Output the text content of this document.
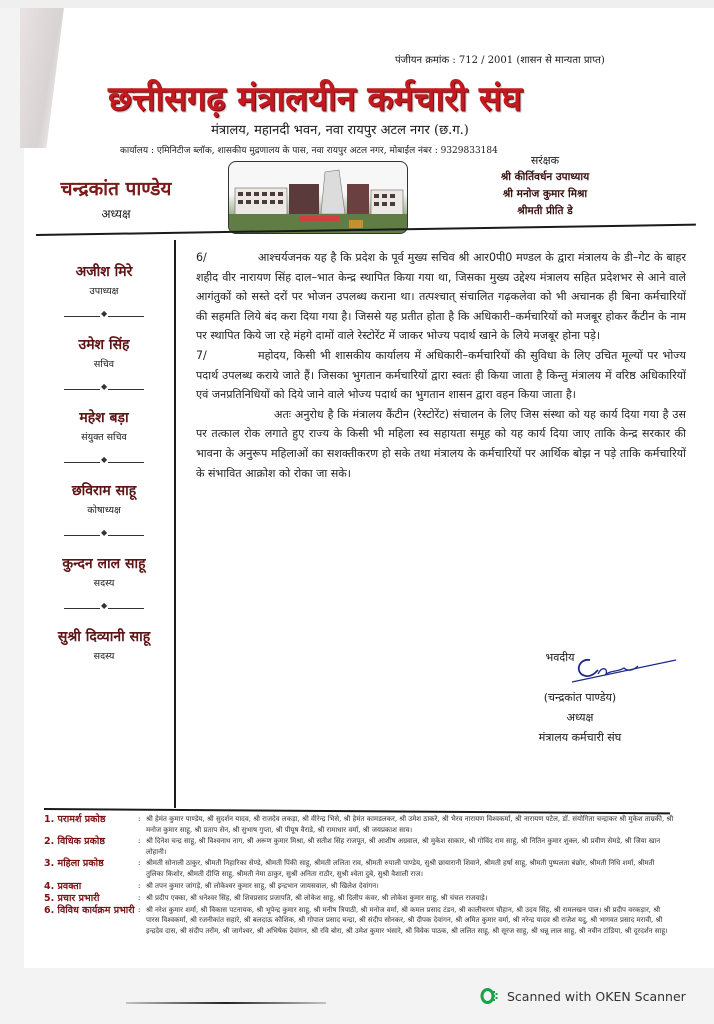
पंजीयन क्रमांक : 712 / 2001 (शासन से मान्यता प्राप्त)
छत्तीसगढ़ मंत्रालयीन कर्मचारी संघ
मंत्रालय, महानदी भवन, नवा रायपुर अटल नगर (छ.ग.)
कार्यालय : एमिनिटीज ब्लॉक, शासकीय मुद्रणालय के पास, नवा रायपुर अटल नगर, मोबाईल नंबर : 9329833184
चन्द्रकांत पाण्डेय
अध्यक्ष
सरंक्षक
श्री कीर्तिवर्धन उपाध्याय
श्री मनोज कुमार मिश्रा
श्रीमती प्रीति डे
अजीश मिरे
उपाध्यक्ष
◆
उमेश सिंह
सचिव
◆
महेश बड़ा
संयुक्त सचिव
◆
छविराम साहू
कोषाध्यक्ष
◆
कुन्दन लाल साहू
सदस्य
◆
सुश्री दिव्यानी साहू
सदस्य

6/	आश्चर्यजनक यह है कि प्रदेश के पूर्व मुख्य सचिव श्री आर0पी0 मण्डल के द्वारा मंत्रालय के डी–गेट के बाहर शहीद वीर नारायण सिंह दाल–भात केन्द्र स्थापित किया गया था, जिसका मुख्य उद्देश्य मंत्रालय सहित प्रदेशभर से आने वाले आगंतुकों को सस्ते दरों पर भोजन उपलब्ध कराना था। तत्पश्चात् संचालित गढ़कलेवा को भी अचानक ही बिना कर्मचारियों की सहमति लिये बंद करा दिया गया है। जिससे यह प्रतीत होता है कि अधिकारी–कर्मचारियों को मजबूर होकर कैंटीन के नाम पर स्थापित किये जा रहे मंहगे दामों वाले रेस्टोरेंट में जाकर भोज्य पदार्थ खाने के लिये मजबूर होना पड़े।

7/	महोदय, किसी भी शासकीय कार्यालय में अधिकारी–कर्मचारियों की सुविधा के लिए उचित मूल्यों पर भोज्य पदार्थ उपलब्ध कराये जाते हैं। जिसका भुगतान कर्मचारियों द्वारा स्वतः ही किया जाता है किन्तु मंत्रालय में वरिष्ठ अधिकारियों एवं जनप्रतिनिधियों को दिये जाने वाले भोज्य पदार्थ का भुगतान शासन द्वारा वहन किया जाता है।

अतः अनुरोध है कि मंत्रालय कैंटीन (रेस्टोरेंट) संचालन के लिए जिस संस्था को यह कार्य दिया गया है उस पर तत्काल रोक लगाते हुए राज्य के किसी भी महिला स्व सहायता समूह को यह कार्य दिया जाए ताकि केन्द्र सरकार की भावना के अनुरूप महिलाओं का सशक्तीकरण हो सके तथा मंत्रालय के कर्मचारियों पर आर्थिक बोझ न पड़े ताकि कर्मचारियों के संभावित आक्रोश को रोका जा सके।

भवदीय
(चन्द्रकांत पाण्डेय)
अध्यक्ष
मंत्रालय कर्मचारी संघ
1. परामर्श प्रकोष्ठ	: श्री हेमंत कुमार पाण्डेय, श्री सुदर्शन यादव, श्री राजदेव लकड़ा, श्री वीरेन्द्र भिसे, श्री हेमंत कामडलकर, श्री उमेश ठाकरे, श्री भैरव नारायण विश्वकर्मा, श्री नारायण पटेल, डॉ. संयोगिता चन्द्राकर श्री मुकेश ताम्रकी, श्री मनोज कुमार साहू, श्री प्रताप सेन, श्री सुभाष गुप्ता, श्री पीयूष वैराडे, श्री रामाधार वर्मा, श्री जयप्रकाश साव।
2. विधिक प्रकोष्ठ	: श्री दिनेश चन्द्र साहू, श्री विश्वनाथ नाग, श्री अरूण कुमार मिश्रा, श्री सतीश सिंह राजपूत, श्री आशीष अग्रवाल, श्री मुकेश साकार, श्री गोविंद राम साहू, श्री नितिन कुमार शुक्ल, श्री प्रवीण सेमडे, श्री जिया खान लोहानी।
3. महिला प्रकोष्ठ	: श्रीमती सोनाली ठाकुर, श्रीमती निहारिका सेण्डे, श्रीमती पिंकी साहू, श्रीमती ललिता राव, श्रीमती रुपाली पाण्डेय, सुश्री छायारानी शिवाने, श्रीमती हर्षा साहू, श्रीमती पुष्पलता बंछोर, श्रीमती निधि शर्मा, श्रीमती तुलिका किशोर, श्रीमती दीप्ति साहू, श्रीमती नेमा ठाकुर, सुश्री अनिता राठौर, सुश्री श्वेता दुबे, सुश्री वैशाली राज।
4. प्रवक्ता	: श्री तपन कुमार जांगड़े, श्री लोकेश्वर कुमार साहू, श्री इन्द्रभान जायसवाल, श्री खिलेश देवांगन।
5. प्रचार प्रभारी	: श्री प्रदीप एक्का, श्री धनेश्वर सिंह, श्री शिवप्रसाद प्रजापति, श्री लोकेश साहू, श्री दिलीप कंवर, श्री लोकेश कुमार साहू, श्री चंचल राजवाड़े।
6. विविध कार्यक्रम प्रभारी : श्री नरेश कुमार शर्मा, श्री विकास पटनायक, श्री भूपेन्द्र कुमार साहू, श्री मनीष त्रिपाठी, श्री मनोज वर्मा, श्री कमल प्रसाद टंडन, श्री कालीचरण चौहान, श्री उदय सिंह, श्री रामलखन पाल। श्री प्रदीप वरकड़ार, श्री पारस विश्वकर्मा, श्री रजनीकांत सहारे, श्री बलदाऊ कौशिक, श्री गोपाल प्रसाद चन्द्रा, श्री संदीप सोनकर, श्री दीपक देवांगन, श्री अमित कुमार वर्मा, श्री नरेन्द्र यादव श्री राजेश यदु, श्री भागवत प्रसाद मरावी, श्री इन्द्रदेव दास, श्री संदीप तरोंम, श्री जागेश्वर, श्री अभिषेक देवांगन, श्री रवि बोरा, श्री उमेश कुमार भंसारे, श्री विवेक पाठक, श्री ललित साहू, श्री सूरज साहू, श्री धन्नू लाल साहू, श्री नवीन टांडिया, श्री दूरदर्शन साहू।
Scanned with OKEN Scanner
